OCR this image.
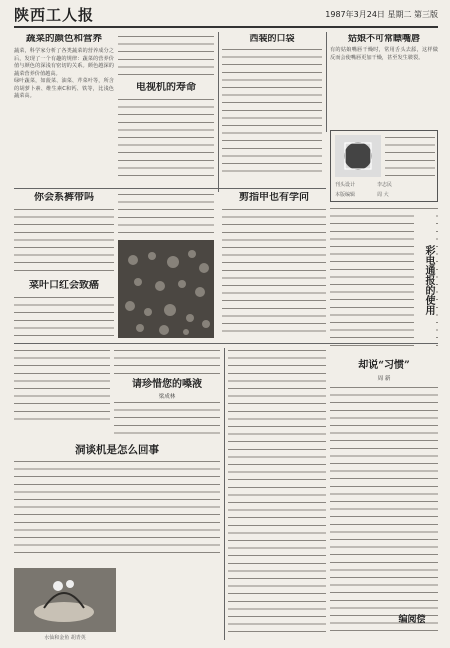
陕西工人报	1987年3月24日 星期二 第三版
蔬菜的颜色和营养
蔬菜，科学家分析了各类蔬菜的营养成分之后，发现了一个有趣的规律：蔬菜的营养价值与颜色的深浅有密切的关系。颜色越深的蔬菜营养价值越高。
绿叶蔬菜，如菠菜、油菜、芹菜叶等，所含的胡萝卜素、维生素C和钙、铁等，比浅色蔬菜高。
电视机的寿命
西装的口袋	姑娘不可常瞟嘴唇
有的姑娘嘴唇干燥时，常用舌头去舔，这样做反而会使嘴唇更加干燥，甚至发生皲裂。
刊头设计	李志民
本版编辑	周 大
你会系裤带吗	剪指甲也有学问
彩电通报的使用
菜叶口红会致癌
请珍惜您的嗓液
梁成林
却说“习惯”
周 新
洞谈机是怎么回事
水仙和金鱼 胡青英
编阅偿
